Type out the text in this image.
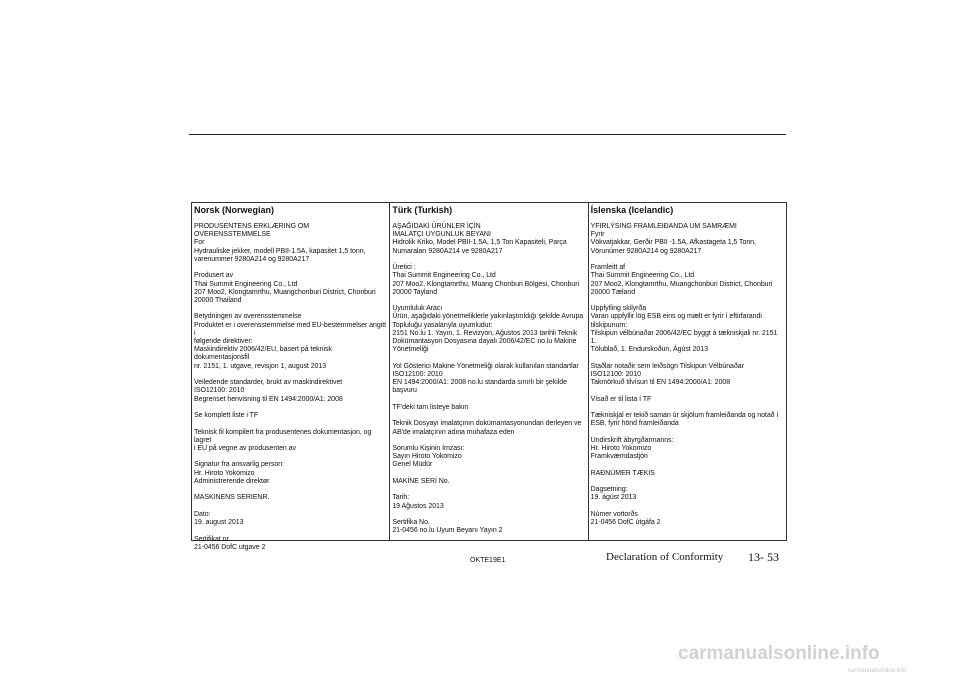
Norsk (Norwegian)
PRODUSENTENS ERKLÆRING OM OVERENSSTEMMELSE
For
Hydrauliske jekker, modell PBII-1.5A, kapasitet 1,5 tonn,
varenummer 9280A214 og 9280A217
Produsert av
Thai Summit Engineering Co., Ltd
207 Moo2, Klongtamrthu, Muangchonburi District, Chonburi
20000 Thailand
Betydningen av overensstemmelse
Produktet er i overensstemmelse med EU-bestemmelser angitt i
følgende direktiver:
Maskindirektiv 2006/42/EU, basert på teknisk dokumentasjonsfil
nr. 2151, 1. utgave, revisjon 1, august 2013
Veiledende standarder, brukt av maskindirektivet
ISO12100: 2010
Begrenset henvisning til EN 1494:2000/A1: 2008
Se komplett liste i TF
Teknisk fil kompilert fra produsentenes dokumentasjon, og lagret
i EU på vegne av produsenten av
Signatur fra ansvarlig person:
Hr. Hiroto Yokomizo
Administrerende direktør
MASKINENS SERIENR.
Dato:
19. august 2013
Sertifikat nr.
21-0456 DofC utgave 2
Türk (Turkish)
AŞAĞIDAKİ ÜRÜNLER İÇİN
İMALATÇI UYGUNLUK BEYANI
Hidrolik Kriko, Model PBII-1.5A, 1,5 Ton Kapasiteli, Parça
Numaraları 9280A214 ve 9280A217
Üretici :
Thai Summit Engineering Co., Ltd
207 Moo2, Klongtamrthu, Muang Chonburi Bölgesi, Chonburi
20000 Tayland
Uyumluluk Aracı
Ürün, aşağıdaki yönetmeliklerle yakınlaştırıldığı şekilde Avrupa
Topluluğu yasalarıyla uyumludur:
2151 No.lu 1. Yayın, 1. Revizyon, Ağustos 2013 tarihli Teknik
Dokümantasyon Dosyasına dayalı 2006/42/EC no.lu Makine
Yönetmeliği
Yol Gösterici Makine Yönetmeliği olarak kullanılan standartlar
ISO12100: 2010
EN 1494:2000/A1: 2008 no.lu standarda sınırlı bir şekilde
başvuru
TF'deki tam listeye bakın
Teknik Dosyayı imalatçının dokümantasyonundan derleyen ve
AB'de imalatçının adına muhafaza eden
Sorumlu Kişinin İmzası:
Sayın Hiroto Yokomizo
Genel Müdür
MAKİNE SERİ No.
Tarih:
19 Ağustos 2013
Sertifika No.
21-0456 no.lu Uyum Beyanı Yayın 2
Íslenska (Icelandic)
YFIRLÝSING FRAMLEIÐANDA UM SAMRÆMI
Fyrir
Vökvatjakkar, Gerðir PBII -1.5A, Afkastageta 1,5 Tonn,
Vörunúmer 9280A214 og 9280A217
Framleitt af
Thai Summit Engineering Co., Ltd
207 Moo2, Klongtamrthu, Muangchonburi District, Chonburi
20000 Tæland
Uppfylling skilyrða
Varan uppfyllir lög ESB eins og mælt er fyrir í eftirfarandi
tilskipunum:
Tilskipun vélbúnaðar 2006/42/EC byggt á tækniskjali nr. 2151 1.
Tölublað, 1. Endurskoðun, Ágúst 2013
Staðlar notaðir sem leiðsögn Tilskipun Vélbúnaðar
ISO12100: 2010
Takmörkuð tilvísun til EN 1494:2000/A1: 2008
Vísað er til lista í TF
Tækniskjal er tekið saman úr skjölum framleiðanda og notað í
ESB, fyrir hönd framleiðanda
Undirskrift ábyrgðarmanns:
Hr. Hiroto Yokomizo
Framkvæmdastjóri
RAÐNÚMER TÆKIS
Dagsetning:
19. ágúst 2013
Númer vottorðs
21-0456 DofC útgáfa 2
OKTE19E1	Declaration of Conformity 13- 53
carmanualsonline.info
carmanualsonline.info
